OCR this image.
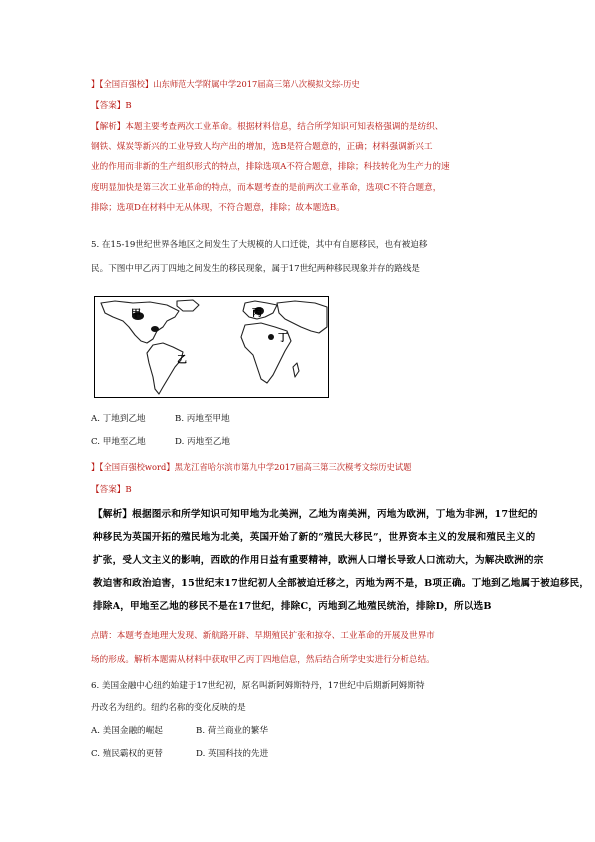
】【全国百强校】山东师范大学附属中学2017届高三第八次模拟文综-历史
【答案】B
【解析】本题主要考查两次工业革命。根据材料信息，结合所学知识可知表格强调的是纺织、
钢铁、煤炭等新兴的工业导致人均产出的增加，选B是符合题意的，正确；材料强调新兴工
业的作用而非新的生产组织形式的特点，排除选项A不符合题意，排除；科技转化为生产力的速
度明显加快是第三次工业革命的特点，而本题考查的是前两次工业革命，选项C不符合题意，
排除；选项D在材料中无从体现，不符合题意，排除；故本题选B。
5. 在15-19世纪世界各地区之间发生了大规模的人口迁徙，其中有自愿移民，也有被迫移
民。下图中甲乙丙丁四地之间发生的移民现象，属于17世纪两种移民现象并存的路线是
甲	丙
乙
丁
A. 丁地到乙地	B. 丙地至甲地
C. 甲地至乙地	D. 丙地至乙地
】【全国百强校word】黑龙江省哈尔滨市第九中学2017届高三第三次模考文综历史试题
【答案】B
【解析】根据图示和所学知识可知甲地为北美洲，乙地为南美洲，丙地为欧洲，丁地为非洲，17世纪的
种移民为英国开拓的殖民地为北美，英国开始了新的“殖民大移民”，世界资本主义的发展和殖民主义的
扩张，受人文主义的影响，西欧的作用日益有重要精神，欧洲人口增长导致人口流动大，为解决欧洲的宗
教迫害和政治迫害，15世纪末17世纪初人全部被迫迁移之，丙地为两不是，B项正确。丁地到乙地属于被迫移民，
排除A，甲地至乙地的移民不是在17世纪，排除C，丙地到乙地殖民统治，排除D，所以选B
点睛：本题考查地理大发现、新航路开辟、早期殖民扩张和掠夺、工业革命的开展及世界市
场的形成。解析本题需从材料中获取甲乙丙丁四地信息，然后结合所学史实进行分析总结。
6. 美国金融中心纽约始建于17世纪初，原名叫新阿姆斯特丹，17世纪中后期新阿姆斯特
丹改名为纽约。纽约名称的变化反映的是
A. 美国金融的崛起	B. 荷兰商业的繁华
C. 殖民霸权的更替	D. 英国科技的先进
